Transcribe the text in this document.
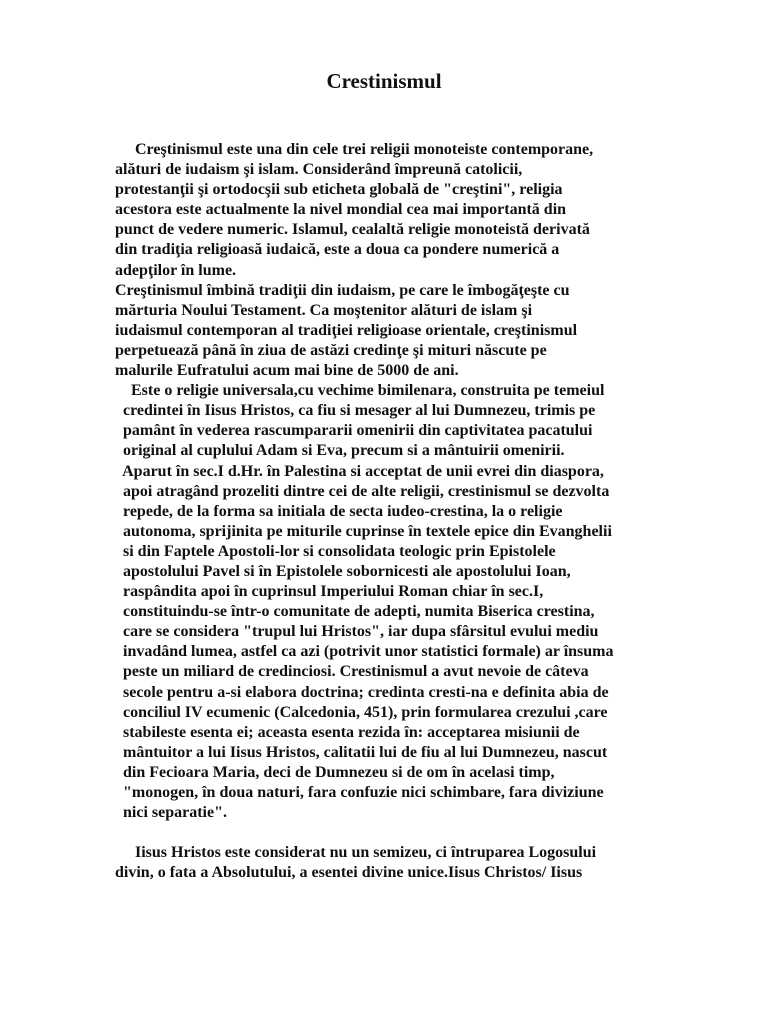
Crestinismul
Creştinismul este una din cele trei religii monoteiste contemporane,
alături de iudaism şi islam. Considerând împreună catolicii,
protestanţii şi ortodocşii sub eticheta globală de "creştini", religia
acestora este actualmente la nivel mondial cea mai importantă din
punct de vedere numeric. Islamul, cealaltă religie monoteistă derivată
din tradiţia religioasă iudaică, este a doua ca pondere numerică a
adepţilor în lume.
Creştinismul îmbină tradiţii din iudaism, pe care le îmbogăţeşte cu
mărturia Noului Testament. Ca moştenitor alături de islam şi
iudaismul contemporan al tradiţiei religioase orientale, creştinismul
perpetuează până în ziua de astăzi credinţe şi mituri născute pe
malurile Eufratului acum mai bine de 5000 de ani.
Este o religie universala,cu vechime bimilenara, construita pe temeiul
credintei în Iisus Hristos, ca fiu si mesager al lui Dumnezeu, trimis pe
pamânt în vederea rascumpararii omenirii din captivitatea pacatului
original al cuplului Adam si Eva, precum si a mântuirii omenirii.
Aparut în sec.I d.Hr. în Palestina si acceptat de unii evrei din diaspora,
apoi atragând prozeliti dintre cei de alte religii, crestinismul se dezvolta
repede, de la forma sa initiala de secta iudeo-crestina, la o religie
autonoma, sprijinita pe miturile cuprinse în textele epice din Evanghelii
si din Faptele Apostoli-lor si consolidata teologic prin Epistolele
apostolului Pavel si în Epistolele sobornicesti ale apostolului Ioan,
raspândita apoi în cuprinsul Imperiului Roman chiar în sec.I,
constituindu-se într-o comunitate de adepti, numita Biserica crestina,
care se considera "trupul lui Hristos", iar dupa sfârsitul evului mediu
invadând lumea, astfel ca azi (potrivit unor statistici formale) ar însuma
peste un miliard de credinciosi. Crestinismul a avut nevoie de câteva
secole pentru a-si elabora doctrina; credinta cresti-na e definita abia de
conciliul IV ecumenic (Calcedonia, 451), prin formularea crezului ,care
stabileste esenta ei; aceasta esenta rezida în: acceptarea misiunii de
mântuitor a lui Iisus Hristos, calitatii lui de fiu al lui Dumnezeu, nascut
din Fecioara Maria, deci de Dumnezeu si de om în acelasi timp,
"monogen, în doua naturi, fara confuzie nici schimbare, fara diviziune
nici separatie".
Iisus Hristos este considerat nu un semizeu, ci întruparea Logosului
divin, o fata a Absolutului, a esentei divine unice.Iisus Christos/ Iisus
